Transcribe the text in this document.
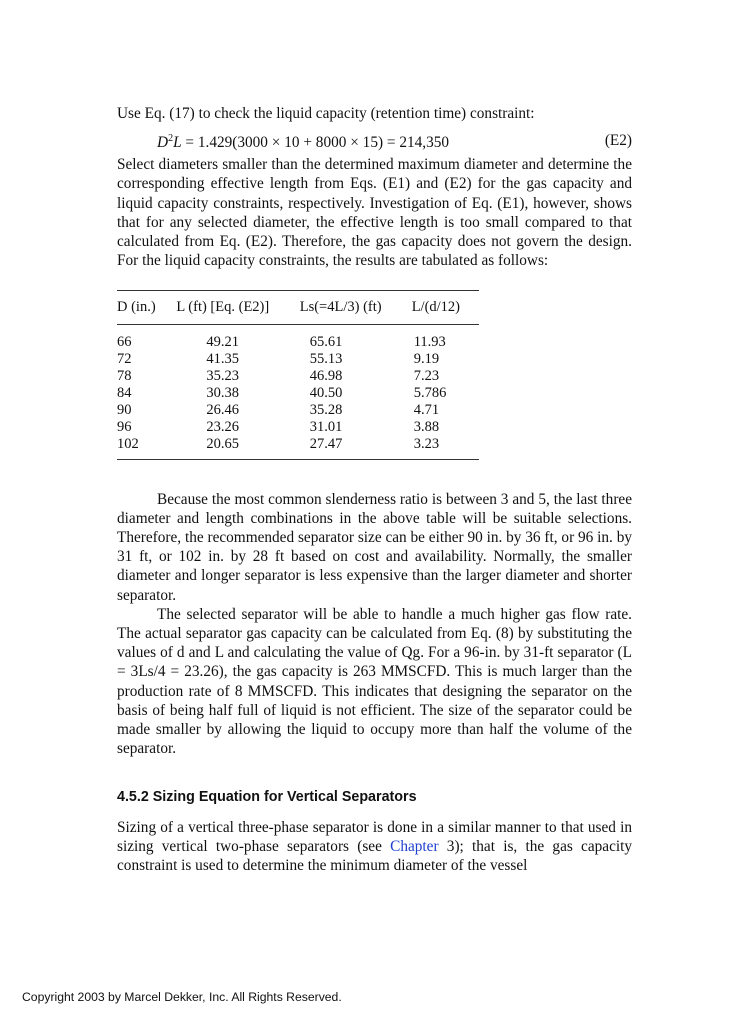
Use Eq. (17) to check the liquid capacity (retention time) constraint:

$D^2L = 1.429(3000 \times 10 + 8000 \times 15) = 214,350$	(E2)

Select diameters smaller than the determined maximum diameter and determine the corresponding effective length from Eqs. (E1) and (E2) for the gas capacity and liquid capacity constraints, respectively. Investigation of Eq. (E1), however, shows that for any selected diameter, the effective length is too small compared to that calculated from Eq. (E2). Therefore, the gas capacity does not govern the design. For the liquid capacity constraints, the results are tabulated as follows:

D (in.)	L (ft) [Eq. (E2)]	Ls(=4L/3) (ft)	L/(d/12)
66	49.21	65.61	11.93
72	41.35	55.13	9.19
78	35.23	46.98	7.23
84	30.38	40.50	5.786
90	26.46	35.28	4.71
96	23.26	31.01	3.88
102	20.65	27.47	3.23

Because the most common slenderness ratio is between 3 and 5, the last three diameter and length combinations in the above table will be suitable selections. Therefore, the recommended separator size can be either 90 in. by 36 ft, or 96 in. by 31 ft, or 102 in. by 28 ft based on cost and availability. Normally, the smaller diameter and longer separator is less expensive than the larger diameter and shorter separator.

The selected separator will be able to handle a much higher gas flow rate. The actual separator gas capacity can be calculated from Eq. (8) by substituting the values of d and L and calculating the value of Qg. For a 96-in. by 31-ft separator (L = 3Ls/4 = 23.26), the gas capacity is 263 MMSCFD. This is much larger than the production rate of 8 MMSCFD. This indicates that designing the separator on the basis of being half full of liquid is not efficient. The size of the separator could be made smaller by allowing the liquid to occupy more than half the volume of the separator.

4.5.2 Sizing Equation for Vertical Separators

Sizing of a vertical three-phase separator is done in a similar manner to that used in sizing vertical two-phase separators (see Chapter 3); that is, the gas capacity constraint is used to determine the minimum diameter of the vessel

Copyright 2003 by Marcel Dekker, Inc. All Rights Reserved.
